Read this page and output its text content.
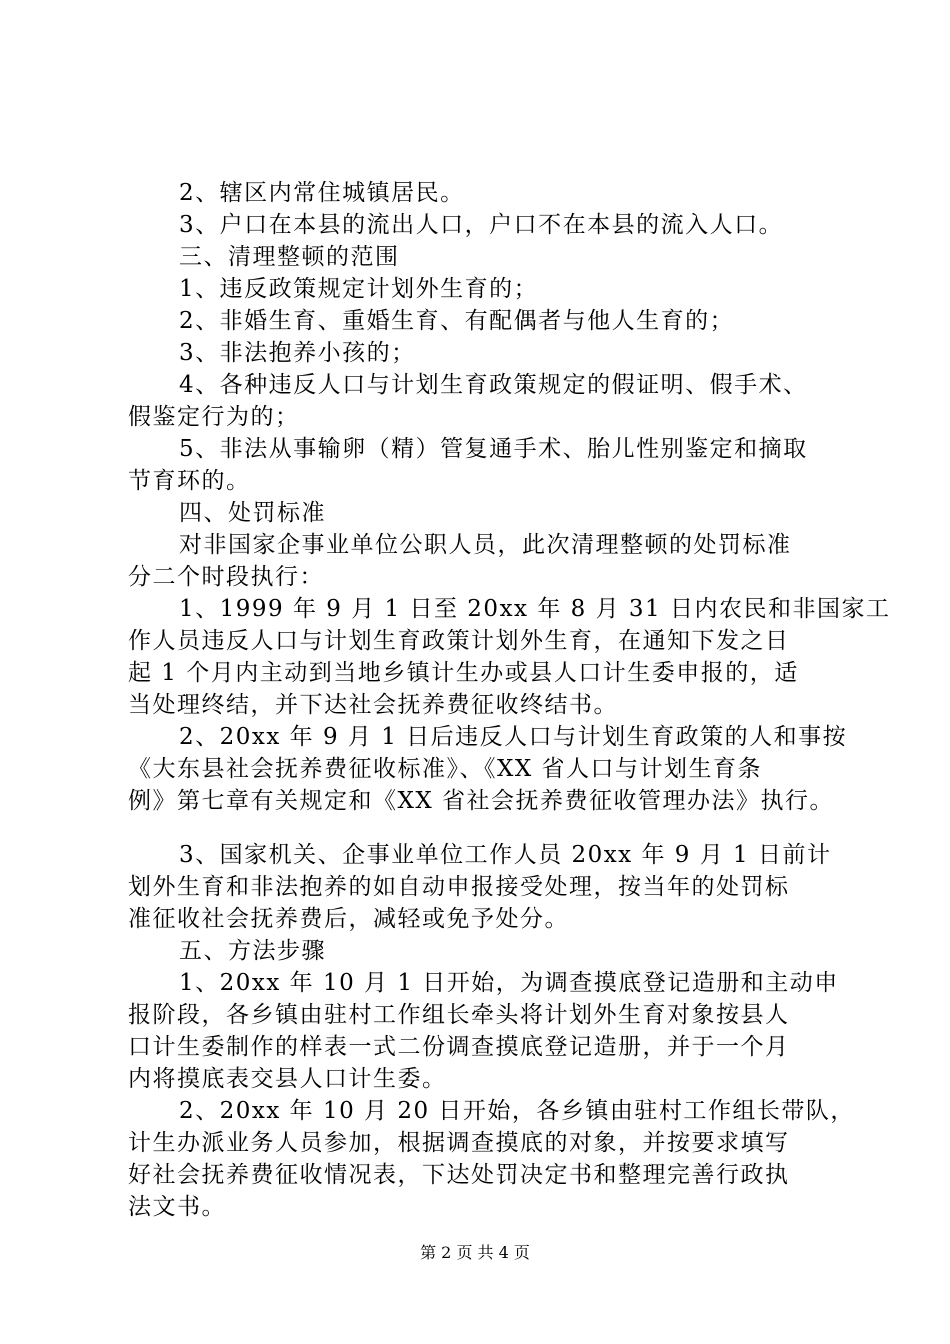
2、辖区内常住城镇居民。
3、户口在本县的流出人口，户口不在本县的流入人口。
三、清理整顿的范围
1、违反政策规定计划外生育的；
2、非婚生育、重婚生育、有配偶者与他人生育的；
3、非法抱养小孩的；
4、各种违反人口与计划生育政策规定的假证明、假手术、
假鉴定行为的；
5、非法从事输卵（精）管复通手术、胎儿性别鉴定和摘取
节育环的。
四、处罚标准
对非国家企事业单位公职人员，此次清理整顿的处罚标准
分二个时段执行：
1、1999 年 9 月 1 日至 20xx 年 8 月 31 日内农民和非国家工
作人员违反人口与计划生育政策计划外生育，在通知下发之日
起 1 个月内主动到当地乡镇计生办或县人口计生委申报的，适
当处理终结，并下达社会抚养费征收终结书。
2、20xx 年 9 月 1 日后违反人口与计划生育政策的人和事按
《大东县社会抚养费征收标准》、《XX 省人口与计划生育条
例》第七章有关规定和《XX 省社会抚养费征收管理办法》执行。
3、国家机关、企事业单位工作人员 20xx 年 9 月 1 日前计
划外生育和非法抱养的如自动申报接受处理，按当年的处罚标
准征收社会抚养费后，减轻或免予处分。
五、方法步骤
1、20xx 年 10 月 1 日开始，为调查摸底登记造册和主动申
报阶段，各乡镇由驻村工作组长牵头将计划外生育对象按县人
口计生委制作的样表一式二份调查摸底登记造册，并于一个月
内将摸底表交县人口计生委。
2、20xx 年 10 月 20 日开始，各乡镇由驻村工作组长带队，
计生办派业务人员参加，根据调查摸底的对象，并按要求填写
好社会抚养费征收情况表，下达处罚决定书和整理完善行政执
法文书。
第 2 页 共 4 页
